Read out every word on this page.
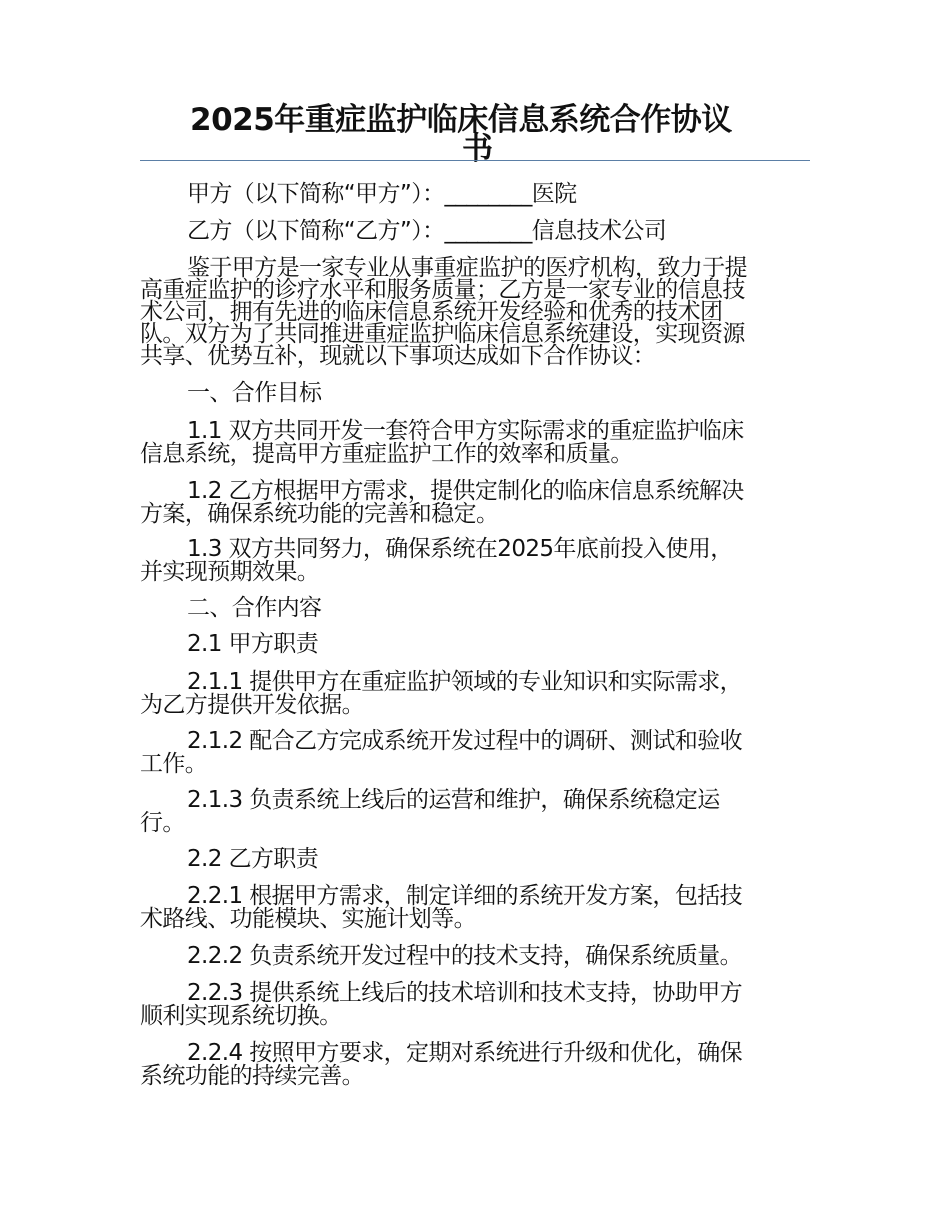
2025年重症监护临床信息系统合作协议
书
甲方（以下简称“甲方”）：________医院
乙方（以下简称“乙方”）：________信息技术公司
鉴于甲方是一家专业从事重症监护的医疗机构，致力于提
高重症监护的诊疗水平和服务质量；乙方是一家专业的信息技
术公司，拥有先进的临床信息系统开发经验和优秀的技术团
队。双方为了共同推进重症监护临床信息系统建设，实现资源
共享、优势互补，现就以下事项达成如下合作协议：
一、合作目标
1.1 双方共同开发一套符合甲方实际需求的重症监护临床
信息系统，提高甲方重症监护工作的效率和质量。
1.2 乙方根据甲方需求，提供定制化的临床信息系统解决
方案，确保系统功能的完善和稳定。
1.3 双方共同努力，确保系统在2025年底前投入使用，
并实现预期效果。
二、合作内容
2.1 甲方职责
2.1.1 提供甲方在重症监护领域的专业知识和实际需求，
为乙方提供开发依据。
2.1.2 配合乙方完成系统开发过程中的调研、测试和验收
工作。
2.1.3 负责系统上线后的运营和维护，确保系统稳定运
行。
2.2 乙方职责
2.2.1 根据甲方需求，制定详细的系统开发方案，包括技
术路线、功能模块、实施计划等。
2.2.2 负责系统开发过程中的技术支持，确保系统质量。
2.2.3 提供系统上线后的技术培训和技术支持，协助甲方
顺利实现系统切换。
2.2.4 按照甲方要求，定期对系统进行升级和优化，确保
系统功能的持续完善。
